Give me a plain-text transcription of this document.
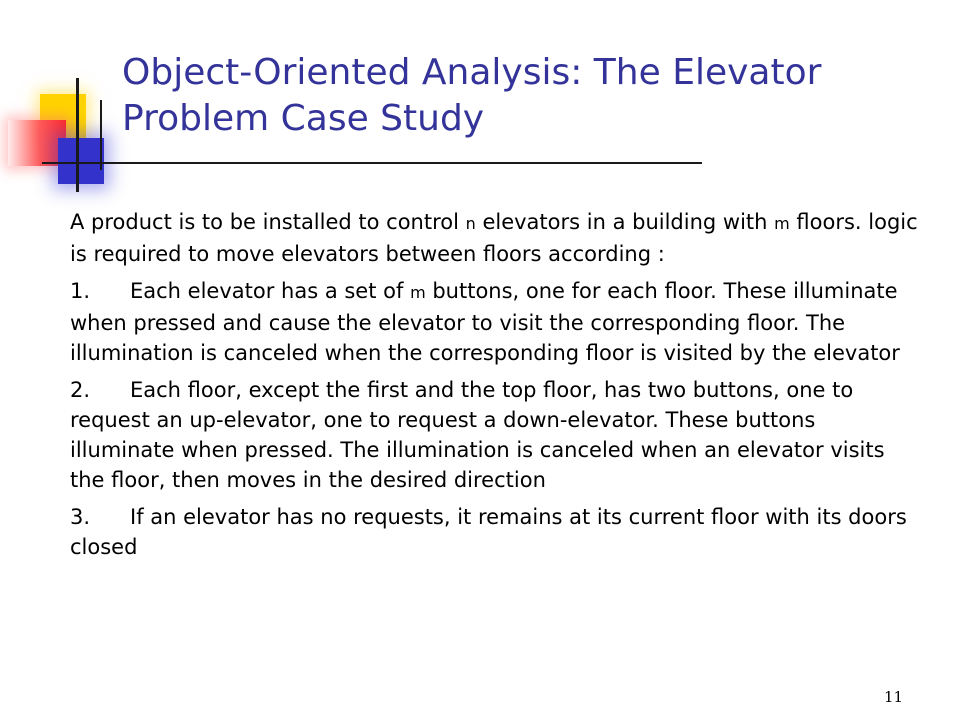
Object-Oriented Analysis: The Elevator Problem Case Study

A product is to be installed to control n elevators in a building with m floors. logic is required to move elevators between floors according :

1. Each elevator has a set of m buttons, one for each floor. These illuminate when pressed and cause the elevator to visit the corresponding floor. The illumination is canceled when the corresponding floor is visited by the elevator

2. Each floor, except the first and the top floor, has two buttons, one to request an up-elevator, one to request a down-elevator. These buttons illuminate when pressed. The illumination is canceled when an elevator visits the floor, then moves in the desired direction

3. If an elevator has no requests, it remains at its current floor with its doors closed

11
